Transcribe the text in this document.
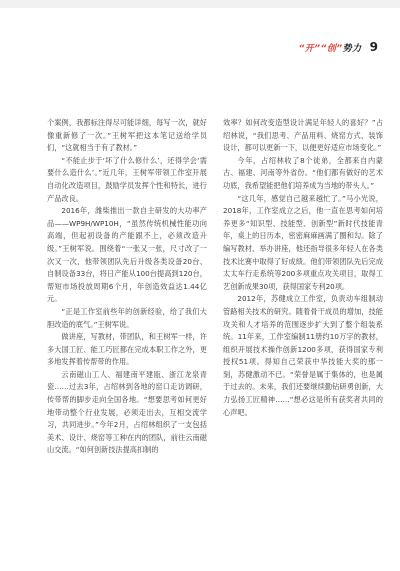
“开”“创”势力 9

个案例，我都标注得尽可能详细，每写一次，就好像重新修了一次。”王树军把这本笔记送给学员们，“这就相当于有了教材。”

“不能止步于‘坏了什么修什么’，还得学会‘需要什么造什么’。”近几年，王树军带领工作室开展自动化改造项目，鼓励学员发挥个性和特长，进行产品改良。

2016年，潍柴推出一款自主研发的大功率产品——WP9H/WP10H，“虽然传统机械性能功向高端，但起初设备的产能跟不上，必须改造升级。”王树军说。围绕着“一张又一张，尺寸改了一次又一次，他带领团队先后升级各类设备20台、自制设备33台，将日产能从100台提高到120台，帮短市场投放周期6个月，年创造效益达1.44亿元。

“正是工作室前些年的创新经验，给了我们大胆改造的底气。”王树军说。

做讲座，写教材，带团队，和王树军一样，许多大国工匠、能工巧匠都在完成本职工作之外，更多地发挥着传帮带的作用。

云南磁山工人、福建南平建瓯、浙江龙泉青瓷……过去3年，占绍林到各地的窑口走访调研，传带帮的脚步走向全国各地。“想要思考如何更好地带动整个行业发展，必须走出去，互相交流学习，共同进步。”今年2月，占绍林组织了一支包括美术、设计、烧窑等工种在内的团队，前往云南磁山交流。“如何创新技法提高扣制的

效率？如何改变造型设计满足年轻人的喜好？”占绍林说，“我们思考、产品用料、烧窑方式、装饰设计，都可以更新一下，以便更好适应市场变化。”

今年，占绍林收了8个徒弟，全都来自内蒙古、福建、河南等外省份。“他们都有做好的艺术功底，我希望能把他们培养成为当地的带头人。”

“这几年，感觉自己越来越忙了。”马小光说，2018年，工作室成立之后，他一直在思考如何培养更多“知识型、技能型、创新型”新时代技能青年，桌上的日历本，密密麻麻画满了圈和勾。除了编写教材、举办讲座，他还指导很多年轻人在各类技术比赛中取得了好成绩。他们带领团队先后完成太太车行走系统等200多项重点攻关项目，取得工艺创新成果30项，获得国家专利20项。

2012年，苏健成立工作室，负责动车组制动管路相关技术的研究。随着骨干成员的增加，技能攻关和人才培养的范围逐步扩大到了整个组装系统。11年来，工作室编制11册约10万字的教材，组织开展技术操作创新1200多项，获得国家专利授权51项。得知自己荣获中华技能大奖的那一刻，苏健激动不已。“荣誉是属于集体的，也是属于过去的。未来，我们还要继续勤钻研勇创新，大力弘扬工匠精神……”想必这是所有获奖者共同的心声吧。
